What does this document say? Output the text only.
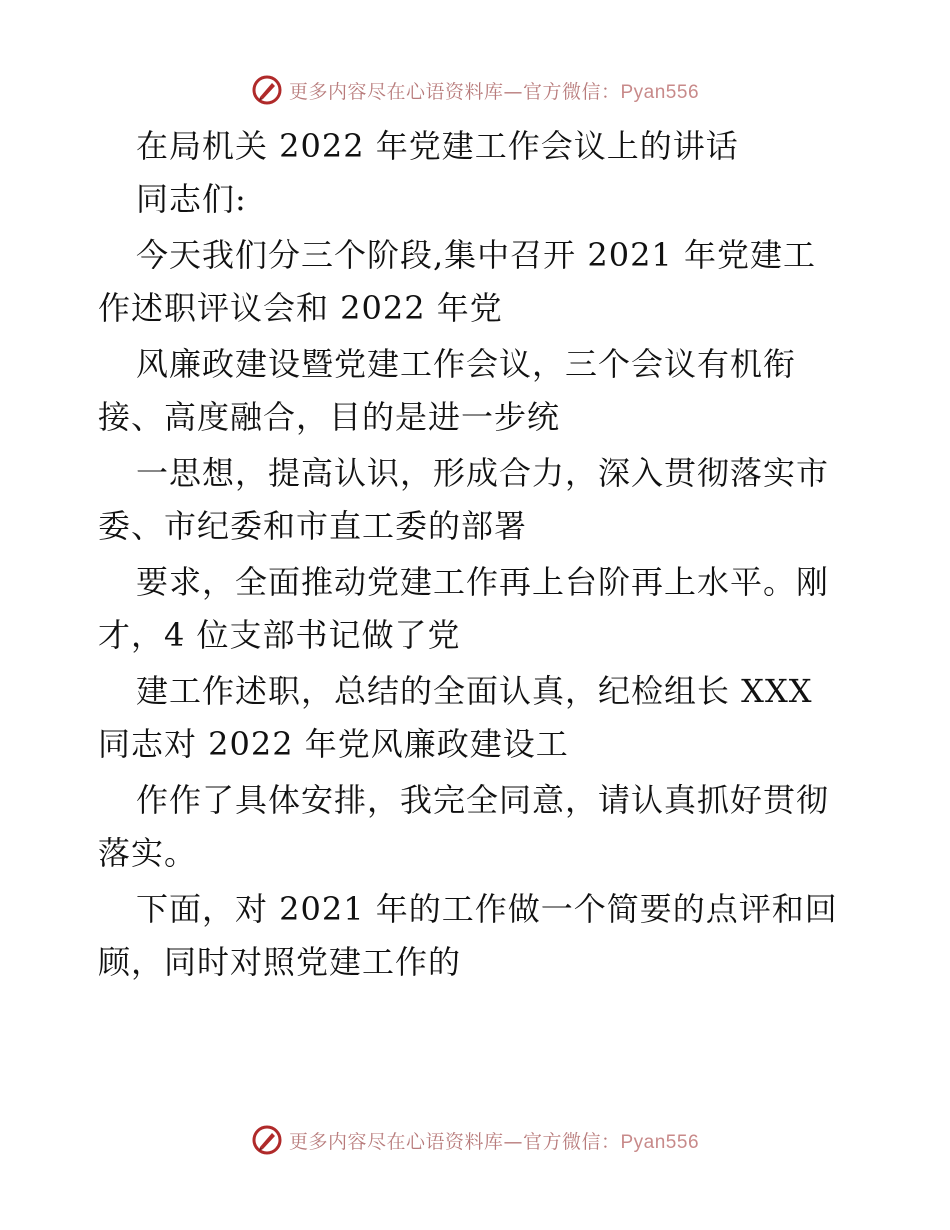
更多内容尽在心语资料库—官方微信：Pyan556
在局机关 2022 年党建工作会议上的讲话
同志们:
今天我们分三个阶段,集中召开 2021 年党建工
作述职评议会和 2022 年党
风廉政建设暨党建工作会议，三个会议有机衔
接、高度融合，目的是进一步统
一思想，提高认识，形成合力，深入贯彻落实市
委、市纪委和市直工委的部署
要求，全面推动党建工作再上台阶再上水平。刚
才，4 位支部书记做了党
建工作述职，总结的全面认真，纪检组长 XXX
同志对 2022 年党风廉政建设工
作作了具体安排，我完全同意，请认真抓好贯彻
落实。
下面，对 2021 年的工作做一个简要的点评和回
顾，同时对照党建工作的
更多内容尽在心语资料库—官方微信：Pyan556
